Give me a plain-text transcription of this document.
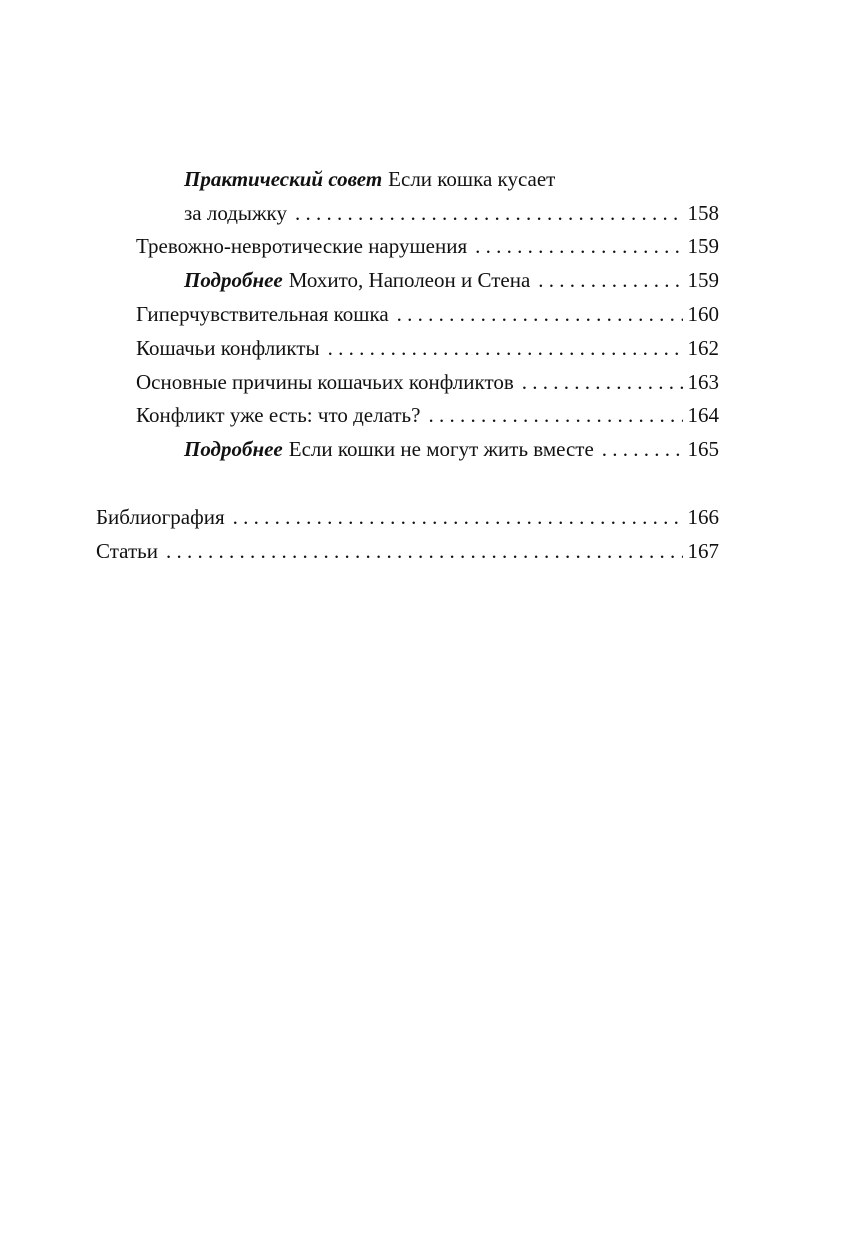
Практический совет Если кошка кусает
за лодыжку . . .	158
Тревожно-невротические нарушения . . .	159
Подробнее Мохито, Наполеон и Стена . . .	159
Гиперчувствительная кошка . . .	160
Кошачьи конфликты . . .	162
Основные причины кошачьих конфликтов . . .	163
Конфликт уже есть: что делать? . . .	164
Подробнее Если кошки не могут жить вместе . . .	165
Библиография . . .	166
Статьи . . .	167
